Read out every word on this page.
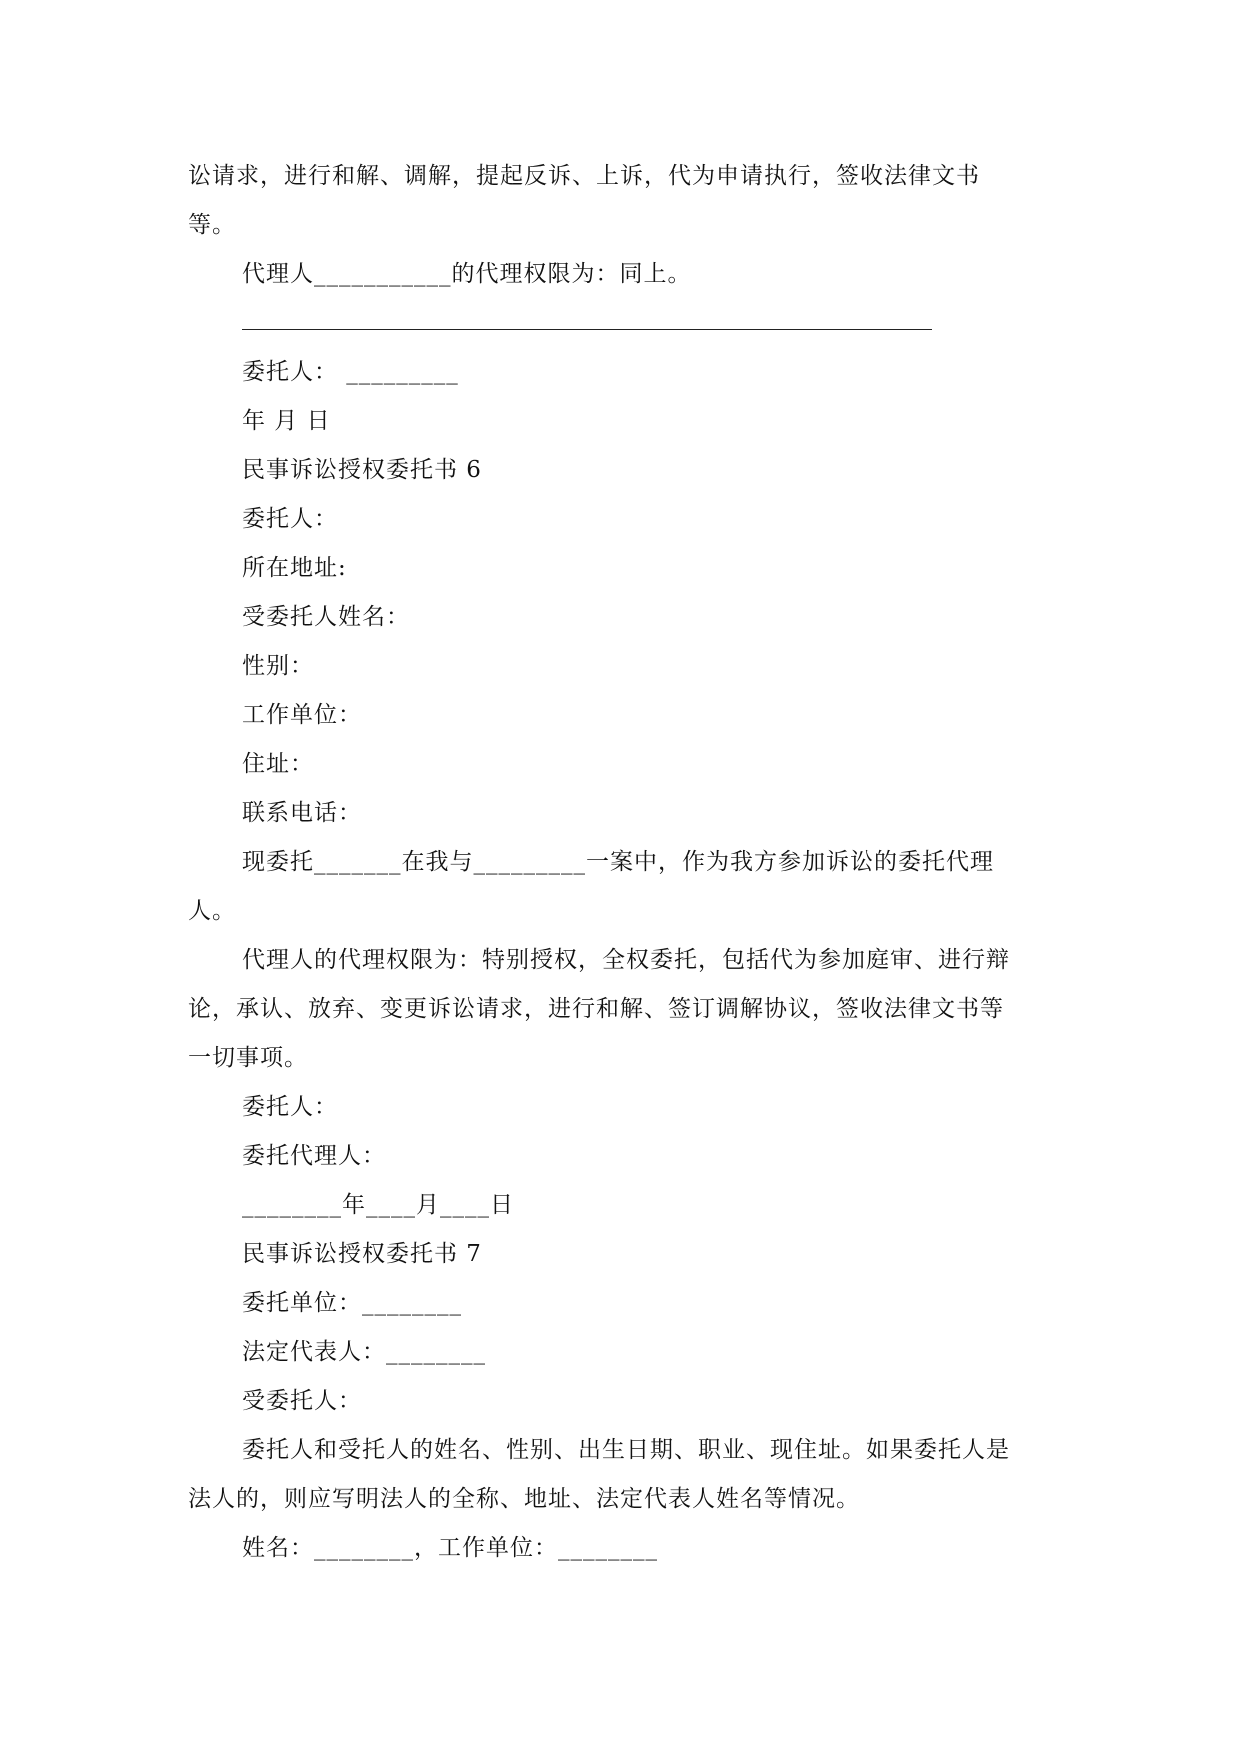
讼请求，进行和解、调解，提起反诉、上诉，代为申请执行，签收法律文书
等。
代理人___________的代理权限为：同上。
委托人： _________
年 月 日
民事诉讼授权委托书 6
委托人：
所在地址:
受委托人姓名：
性别：
工作单位：
住址：
联系电话：
现委托_______在我与_________一案中，作为我方参加诉讼的委托代理
人。
代理人的代理权限为：特别授权，全权委托，包括代为参加庭审、进行辩
论，承认、放弃、变更诉讼请求，进行和解、签订调解协议，签收法律文书等
一切事项。
委托人：
委托代理人：
________年____月____日
民事诉讼授权委托书 7
委托单位：________
法定代表人：________
受委托人：
委托人和受托人的姓名、性别、出生日期、职业、现住址。如果委托人是
法人的，则应写明法人的全称、地址、法定代表人姓名等情况。
姓名：________，工作单位：________
